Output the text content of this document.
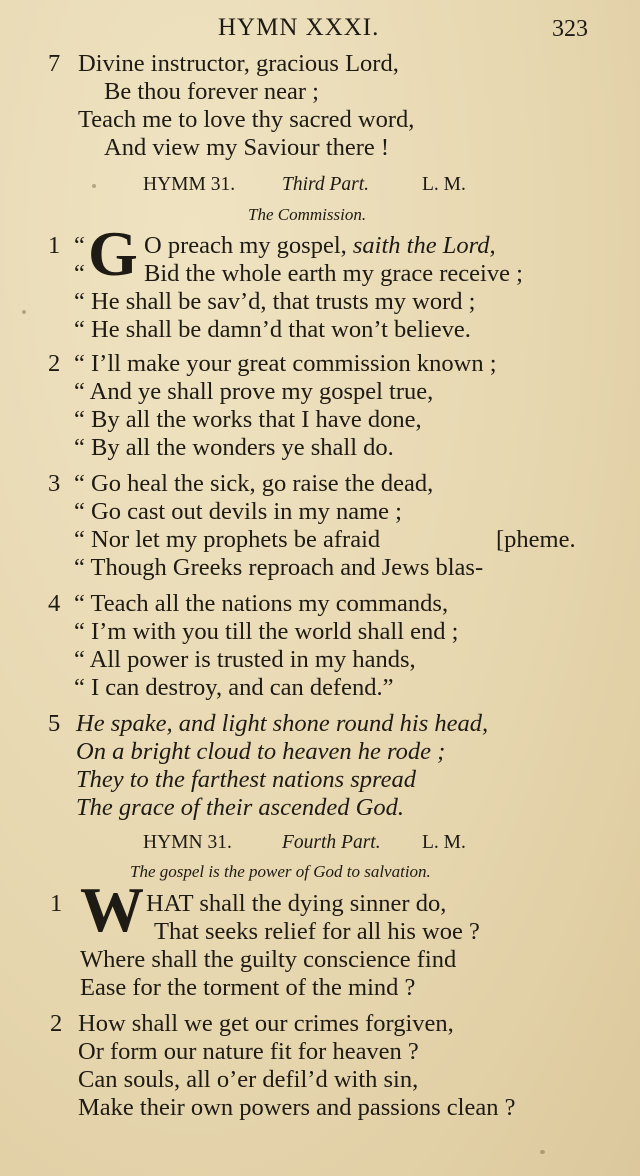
HYMN XXXI.	323
7 Divine instructor, gracious Lord,
Be thou forever near ;
Teach me to love thy sacred word,
And view my Saviour there !
HYMM 31. Third Part.	L. M.
The Commission.
1 “ G O preach my gospel, saith the Lord,
“ Bid the whole earth my grace receive ;
“ He shall be sav’d, that trusts my word ;
“ He shall be damn’d that won’t believe.
2 “ I’ll make your great commission known ;
“ And ye shall prove my gospel true,
“ By all the works that I have done,
“ By all the wonders ye shall do.
3 “ Go heal the sick, go raise the dead,
“ Go cast out devils in my name ;
“ Nor let my prophets be afraid	[pheme.
“ Though Greeks reproach and Jews blas-
4 “ Teach all the nations my commands,
“ I’m with you till the world shall end ;
“ All power is trusted in my hands,
“ I can destroy, and can defend.”
5 He spake, and light shone round his head,
On a bright cloud to heaven he rode ;
They to the farthest nations spread
The grace of their ascended God.
HYMN 31.	Fourth Part. L. M.
The gospel is the power of God to salvation.
1 W HAT shall the dying sinner do,
That seeks relief for all his woe ?
Where shall the guilty conscience find
Ease for the torment of the mind ?
2 How shall we get our crimes forgiven,
Or form our nature fit for heaven ?
Can souls, all o’er defil’d with sin,
Make their own powers and passions clean ?
